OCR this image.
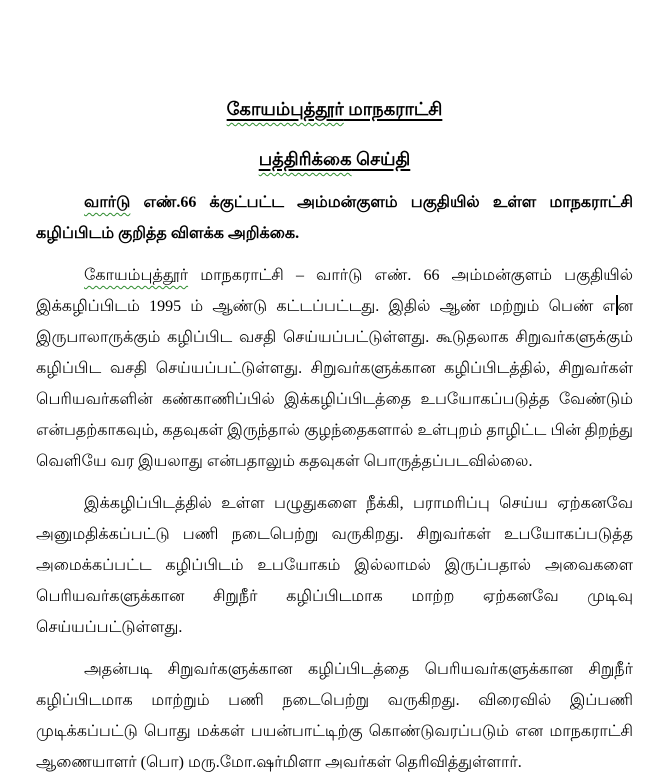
கோயம்புத்தூர் மாநகராட்சி
பத்திரிக்கை செய்தி

வார்டு எண்.66 க்குட்பட்ட அம்மன்குளம் பகுதியில் உள்ள மாநகராட்சி கழிப்பிடம் குறித்த விளக்க அறிக்கை.

கோயம்புத்தூர் மாநகராட்சி – வார்டு எண். 66 அம்மன்குளம் பகுதியில் இக்கழிப்பிடம் 1995 ம் ஆண்டு கட்டப்பட்டது. இதில் ஆண் மற்றும் பெண் எ ன இருபாலாருக்கும் கழிப்பிட வசதி செய்யப்பட்டுள்ளது. கூடுதலாக சிறுவர்களுக்கும் கழிப்பிட வசதி செய்யப்பட்டுள்ளது. சிறுவர்களுக்கான கழிப்பிடத்தில், சிறுவர்கள் பெரியவர்களின் கண்காணிப்பில் இக்கழிப்பிடத்தை உபயோகப்படுத்த வேண்டும் என்பதற்காகவும், கதவுகள் இருந்தால் குழந்தைகளால் உள்புறம் தாழிட்ட பின் திறந்து வெளியே வர இயலாது என்பதாலும் கதவுகள் பொருத்தப்படவில்லை.

இக்கழிப்பிடத்தில் உள்ள பழுதுகளை நீக்கி, பராமரிப்பு செய்ய ஏற்கனவே அனுமதிக்கப்பட்டு பணி நடைபெற்று வருகிறது. சிறுவர்கள் உபயோகப்படுத்த அமைக்கப்பட்ட கழிப்பிடம் உபயோகம் இல்லாமல் இருப்பதால் அவைகளை பெரியவர்களுக்கான சிறுநீர் கழிப்பிடமாக மாற்ற ஏற்கனவே முடிவு செய்யப்பட்டுள்ளது.

அதன்படி சிறுவர்களுக்கான கழிப்பிடத்தை பெரியவர்களுக்கான சிறுநீர் கழிப்பிடமாக மாற்றும் பணி நடைபெற்று வருகிறது. விரைவில் இப்பணி முடிக்கப்பட்டு பொது மக்கள் பயன்பாட்டிற்கு கொண்டுவரப்படும் என மாநகராட்சி ஆணையாளர் (பொ) மரு.மோ.ஷர்மிளா அவர்கள் தெரிவித்துள்ளார்.
